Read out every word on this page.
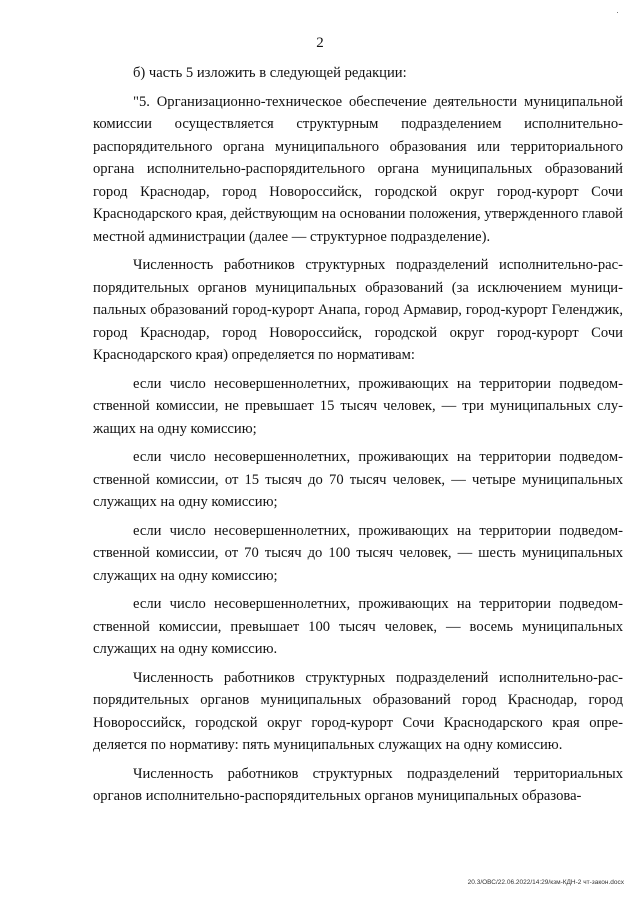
2

б) часть 5 изложить в следующей редакции:

"5. Организационно-техническое обеспечение деятельности муниципальной комиссии осуществляется структурным подразделением исполнительно-распорядительного органа муниципального образования или территориального органа исполнительно-распорядительного органа муниципальных образований город Краснодар, город Новороссийск, городской округ город-курорт Сочи Краснодарского края, действующим на основании положения, утвержденного главой местной администрации (далее — структурное подразделение).

Численность работников структурных подразделений исполнительно-распорядительных органов муниципальных образований (за исключением муниципальных образований город-курорт Анапа, город Армавир, город-курорт Геленджик, город Краснодар, город Новороссийск, городской округ город-курорт Сочи Краснодарского края) определяется по нормативам:

если число несовершеннолетних, проживающих на территории подведомственной комиссии, не превышает 15 тысяч человек, — три муниципальных служащих на одну комиссию;

если число несовершеннолетних, проживающих на территории подведомственной комиссии, от 15 тысяч до 70 тысяч человек, — четыре муниципальных служащих на одну комиссию;

если число несовершеннолетних, проживающих на территории подведомственной комиссии, от 70 тысяч до 100 тысяч человек, — шесть муниципальных служащих на одну комиссию;

если число несовершеннолетних, проживающих на территории подведомственной комиссии, превышает 100 тысяч человек, — восемь муниципальных служащих на одну комиссию.

Численность работников структурных подразделений исполнительно-распорядительных органов муниципальных образований город Краснодар, город Новороссийск, городской округ город-курорт Сочи Краснодарского края определяется по нормативу: пять муниципальных служащих на одну комиссию.

Численность работников структурных подразделений территориальных органов исполнительно-распорядительных органов муниципальных образова-

20.3/ОВС/22.06.2022/14:29/кзм-КДН-2 чт-закон.docx
